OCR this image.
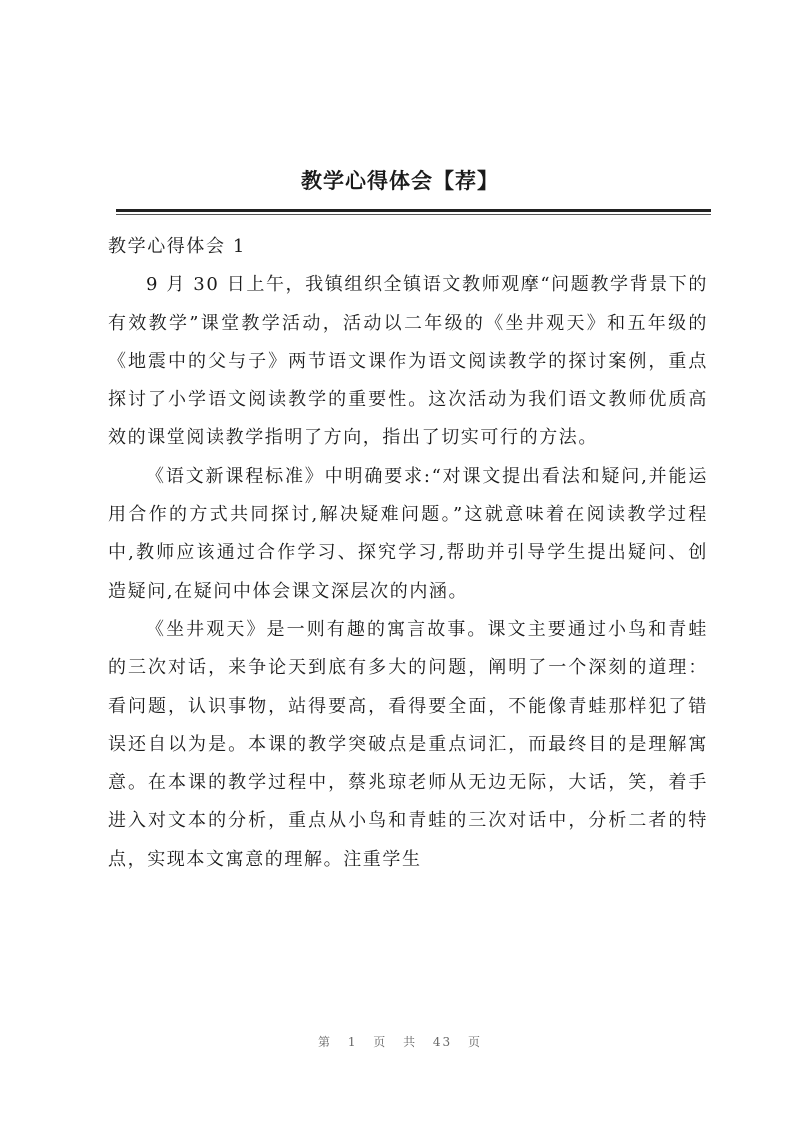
教学心得体会【荐】

教学心得体会 1

9 月 30 日上午，我镇组织全镇语文教师观摩“问题教学背景下的有效教学”课堂教学活动，活动以二年级的《坐井观天》和五年级的《地震中的父与子》两节语文课作为语文阅读教学的探讨案例，重点探讨了小学语文阅读教学的重要性。这次活动为我们语文教师优质高效的课堂阅读教学指明了方向，指出了切实可行的方法。

《语文新课程标准》中明确要求:“对课文提出看法和疑问,并能运用合作的方式共同探讨,解决疑难问题。”这就意味着在阅读教学过程中,教师应该通过合作学习、探究学习,帮助并引导学生提出疑问、创造疑问,在疑问中体会课文深层次的内涵。

《坐井观天》是一则有趣的寓言故事。课文主要通过小鸟和青蛙的三次对话，来争论天到底有多大的问题，阐明了一个深刻的道理：看问题，认识事物，站得要高，看得要全面，不能像青蛙那样犯了错误还自以为是。本课的教学突破点是重点词汇，而最终目的是理解寓意。在本课的教学过程中，蔡兆琼老师从无边无际，大话，笑，着手进入对文本的分析，重点从小鸟和青蛙的三次对话中，分析二者的特点，实现本文寓意的理解。注重学生

第 1 页 共 43 页
